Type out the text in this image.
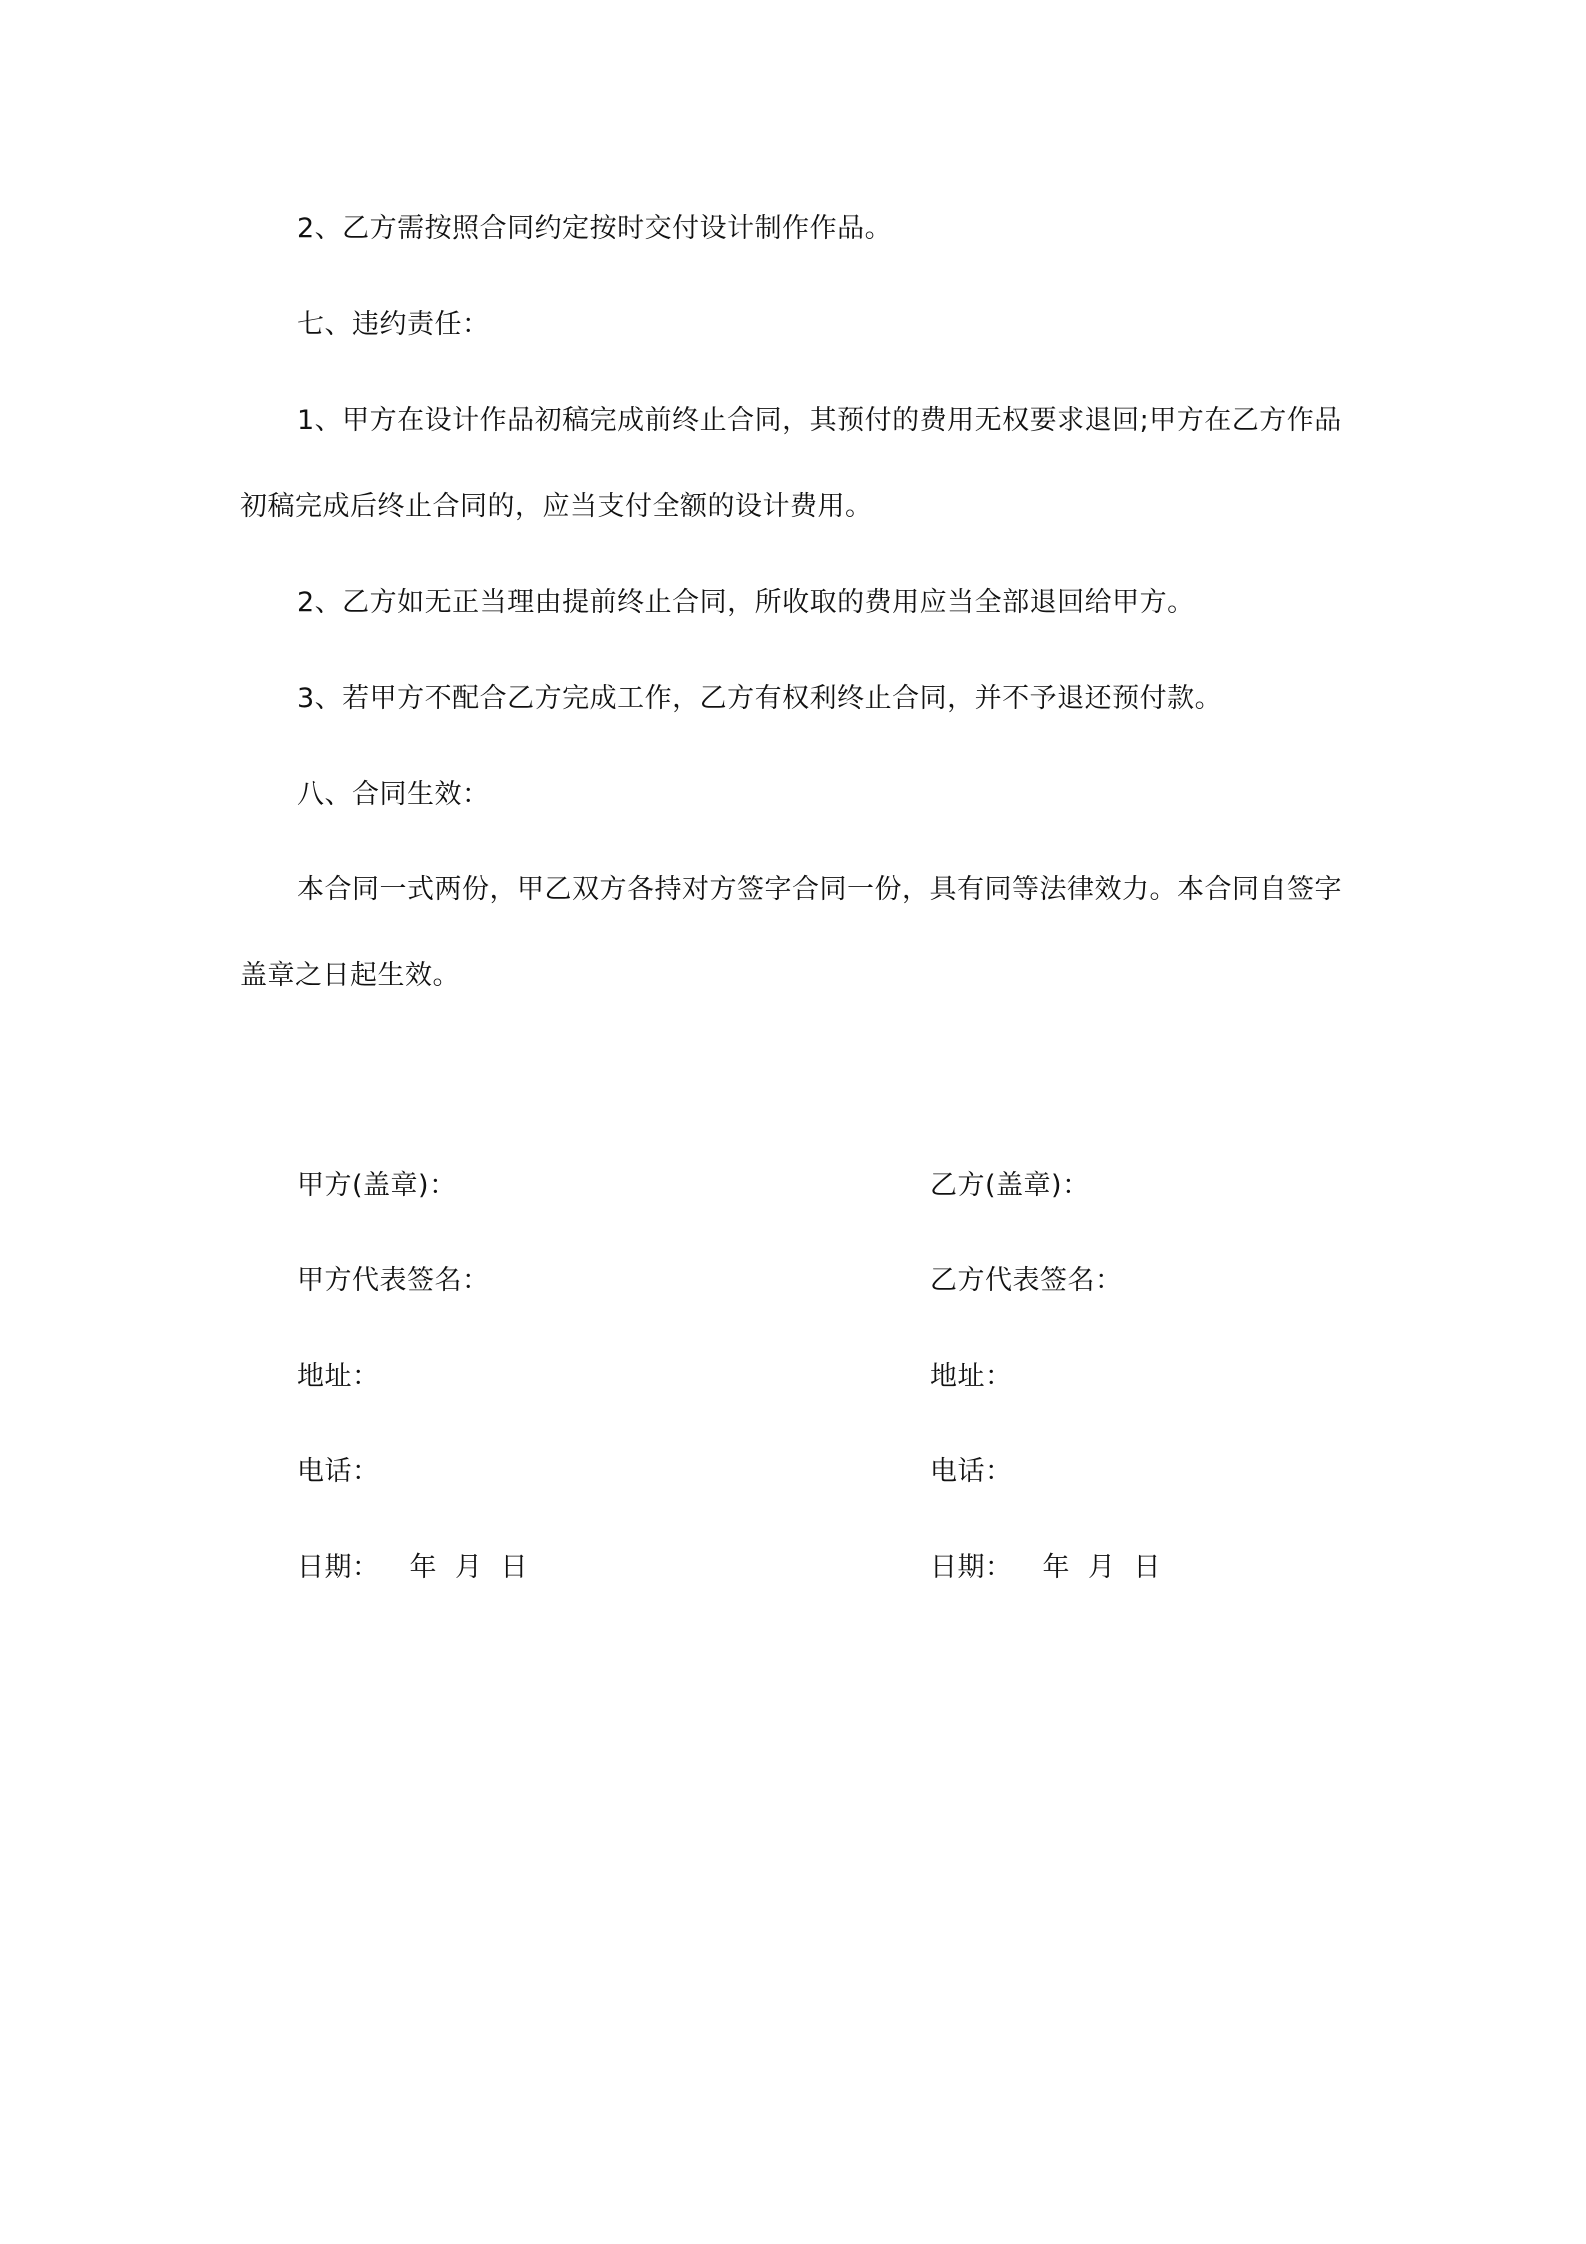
2、乙方需按照合同约定按时交付设计制作作品。
七、违约责任：
1、甲方在设计作品初稿完成前终止合同，其预付的费用无权要求退回;甲方在乙方作品
初稿完成后终止合同的，应当支付全额的设计费用。
2、乙方如无正当理由提前终止合同，所收取的费用应当全部退回给甲方。
3、若甲方不配合乙方完成工作，乙方有权利终止合同，并不予退还预付款。
八、合同生效：
本合同一式两份，甲乙双方各持对方签字合同一份，具有同等法律效力。本合同自签字
盖章之日起生效。
甲方(盖章)：
甲方代表签名：
地址：
电话：
日期： 年 月 日
乙方(盖章)：
乙方代表签名：
地址：
电话：
日期： 年 月 日
